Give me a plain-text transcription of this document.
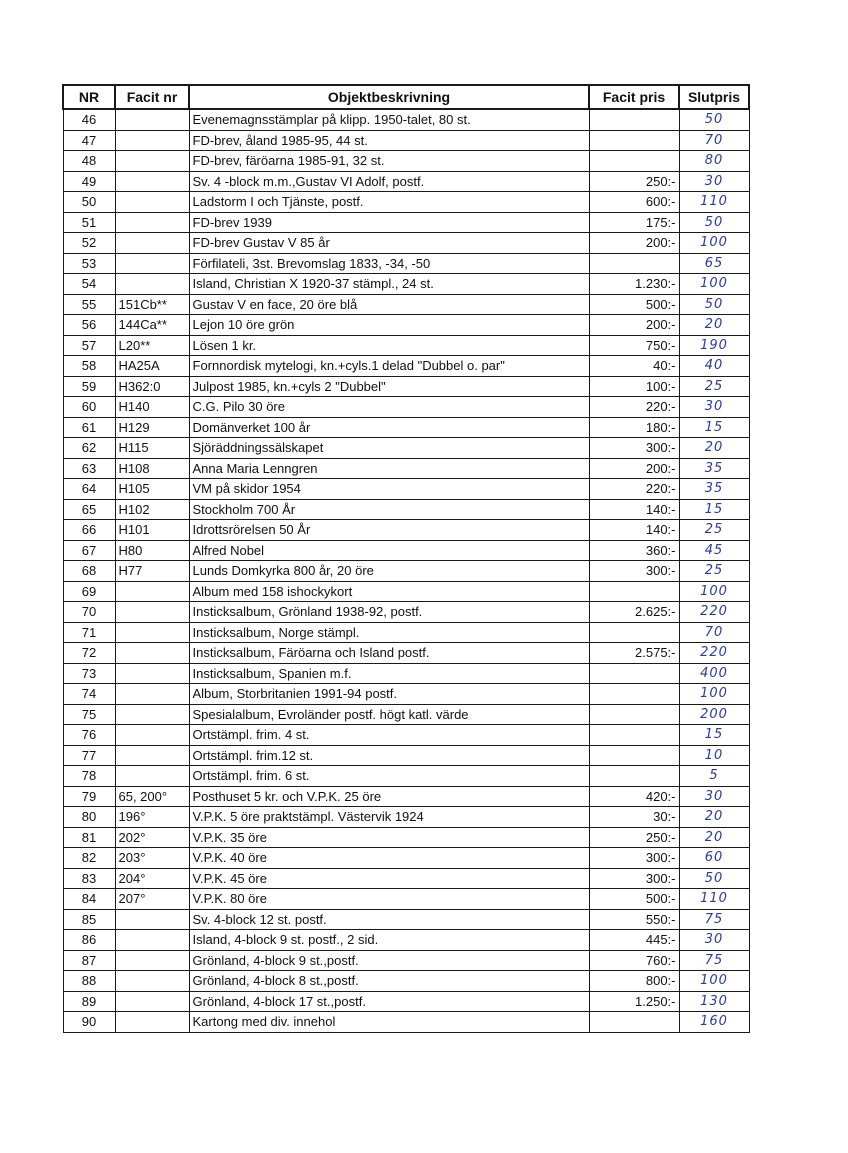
NR	Facit nr	Objektbeskrivning	Facit pris	Slutpris
46		Evenemagnsstämplar på klipp. 1950-talet, 80 st.		50
47		FD-brev, åland 1985-95, 44 st.		70
48		FD-brev, färöarna 1985-91, 32 st.		80
49		Sv. 4 -block m.m.,Gustav VI Adolf, postf.	250:-	30
50		Ladstorm I och Tjänste, postf.	600:-	110
51		FD-brev 1939	175:-	50
52		FD-brev Gustav V 85 år	200:-	100
53		Förfilateli, 3st. Brevomslag 1833, -34, -50		65
54		Island, Christian X 1920-37 stämpl., 24 st.	1.230:-	100
55	151Cb**	Gustav V en face, 20 öre blå	500:-	50
56	144Ca**	Lejon 10 öre grön	200:-	20
57	L20**	Lösen 1 kr.	750:-	190
58	HA25A	Fornnordisk mytelogi, kn.+cyls.1 delad "Dubbel o. par"	40:-	40
59	H362:0	Julpost 1985, kn.+cyls 2 "Dubbel"	100:-	25
60	H140	C.G. Pilo 30 öre	220:-	30
61	H129	Domänverket 100 år	180:-	15
62	H115	Sjöräddningssälskapet	300:-	20
63	H108	Anna Maria Lenngren	200:-	35
64	H105	VM på skidor 1954	220:-	35
65	H102	Stockholm 700 År	140:-	15
66	H101	Idrottsrörelsen 50 År	140:-	25
67	H80	Alfred Nobel	360:-	45
68	H77	Lunds Domkyrka 800 år, 20 öre	300:-	25
69		Album med 158 ishockykort		100
70		Insticksalbum, Grönland 1938-92, postf.	2.625:-	220
71		Insticksalbum, Norge stämpl.		70
72		Insticksalbum, Färöarna och Island postf.	2.575:-	220
73		Insticksalbum, Spanien m.f.		400
74		Album, Storbritanien 1991-94 postf.		100
75		Spesialalbum, Evroländer postf. högt katl. värde		200
76		Ortstämpl. frim. 4 st.		15
77		Ortstämpl. frim.12 st.		10
78		Ortstämpl. frim. 6 st.		5
79	65, 200°	Posthuset 5 kr. och V.P.K. 25 öre	420:-	30
80	196°	V.P.K. 5 öre praktstämpl. Västervik 1924	30:-	20
81	202°	V.P.K. 35 öre	250:-	20
82	203°	V.P.K. 40 öre	300:-	60
83	204°	V.P.K. 45 öre	300:-	50
84	207°	V.P.K. 80 öre	500:-	110
85		Sv. 4-block 12 st. postf.	550:-	75
86		Island, 4-block 9 st. postf., 2 sid.	445:-	30
87		Grönland, 4-block 9 st.,postf.	760:-	75
88		Grönland, 4-block 8 st.,postf.	800:-	100
89		Grönland, 4-block 17 st.,postf.	1.250:-	130
90		Kartong med div. innehol		160
